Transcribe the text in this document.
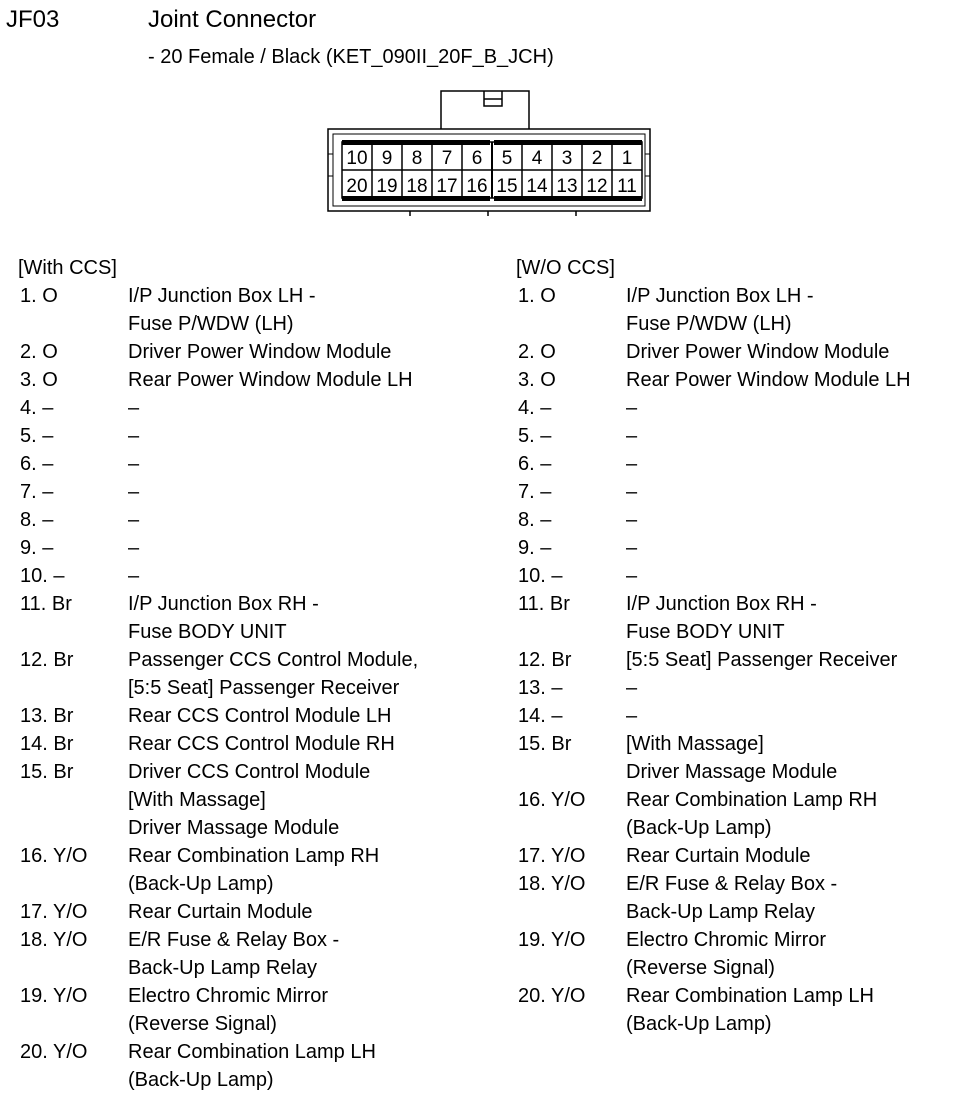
JF03	Joint Connector
- 20 Female / Black (KET_090II_20F_B_JCH)
10 9 8 7 6 5 4 3 2 1
20 19 18 17 16 15 14 13 12 11
[With CCS]
1. O	I/P Junction Box LH -
Fuse P/WDW (LH)
2. O	Driver Power Window Module
3. O	Rear Power Window Module LH
4. –	–
5. –	–
6. –	–
7. –	–
8. –	–
9. –	–
10. –	–
11. Br	I/P Junction Box RH -
Fuse BODY UNIT
12. Br	Passenger CCS Control Module,
[5:5 Seat] Passenger Receiver
13. Br	Rear CCS Control Module LH
14. Br	Rear CCS Control Module RH
15. Br	Driver CCS Control Module
[With Massage]
Driver Massage Module
16. Y/O	Rear Combination Lamp RH
(Back-Up Lamp)
17. Y/O	Rear Curtain Module
18. Y/O	E/R Fuse & Relay Box -
Back-Up Lamp Relay
19. Y/O	Electro Chromic Mirror
(Reverse Signal)
20. Y/O	Rear Combination Lamp LH
(Back-Up Lamp)
[W/O CCS]
1. O	I/P Junction Box LH -
Fuse P/WDW (LH)
2. O	Driver Power Window Module
3. O	Rear Power Window Module LH
4. –	–
5. –	–
6. –	–
7. –	–
8. –	–
9. –	–
10. –	–
11. Br	I/P Junction Box RH -
Fuse BODY UNIT
12. Br	[5:5 Seat] Passenger Receiver
13. –	–
14. –	–
15. Br	[With Massage]
Driver Massage Module
16. Y/O	Rear Combination Lamp RH
(Back-Up Lamp)
17. Y/O	Rear Curtain Module
18. Y/O	E/R Fuse & Relay Box -
Back-Up Lamp Relay
19. Y/O	Electro Chromic Mirror
(Reverse Signal)
20. Y/O	Rear Combination Lamp LH
(Back-Up Lamp)
